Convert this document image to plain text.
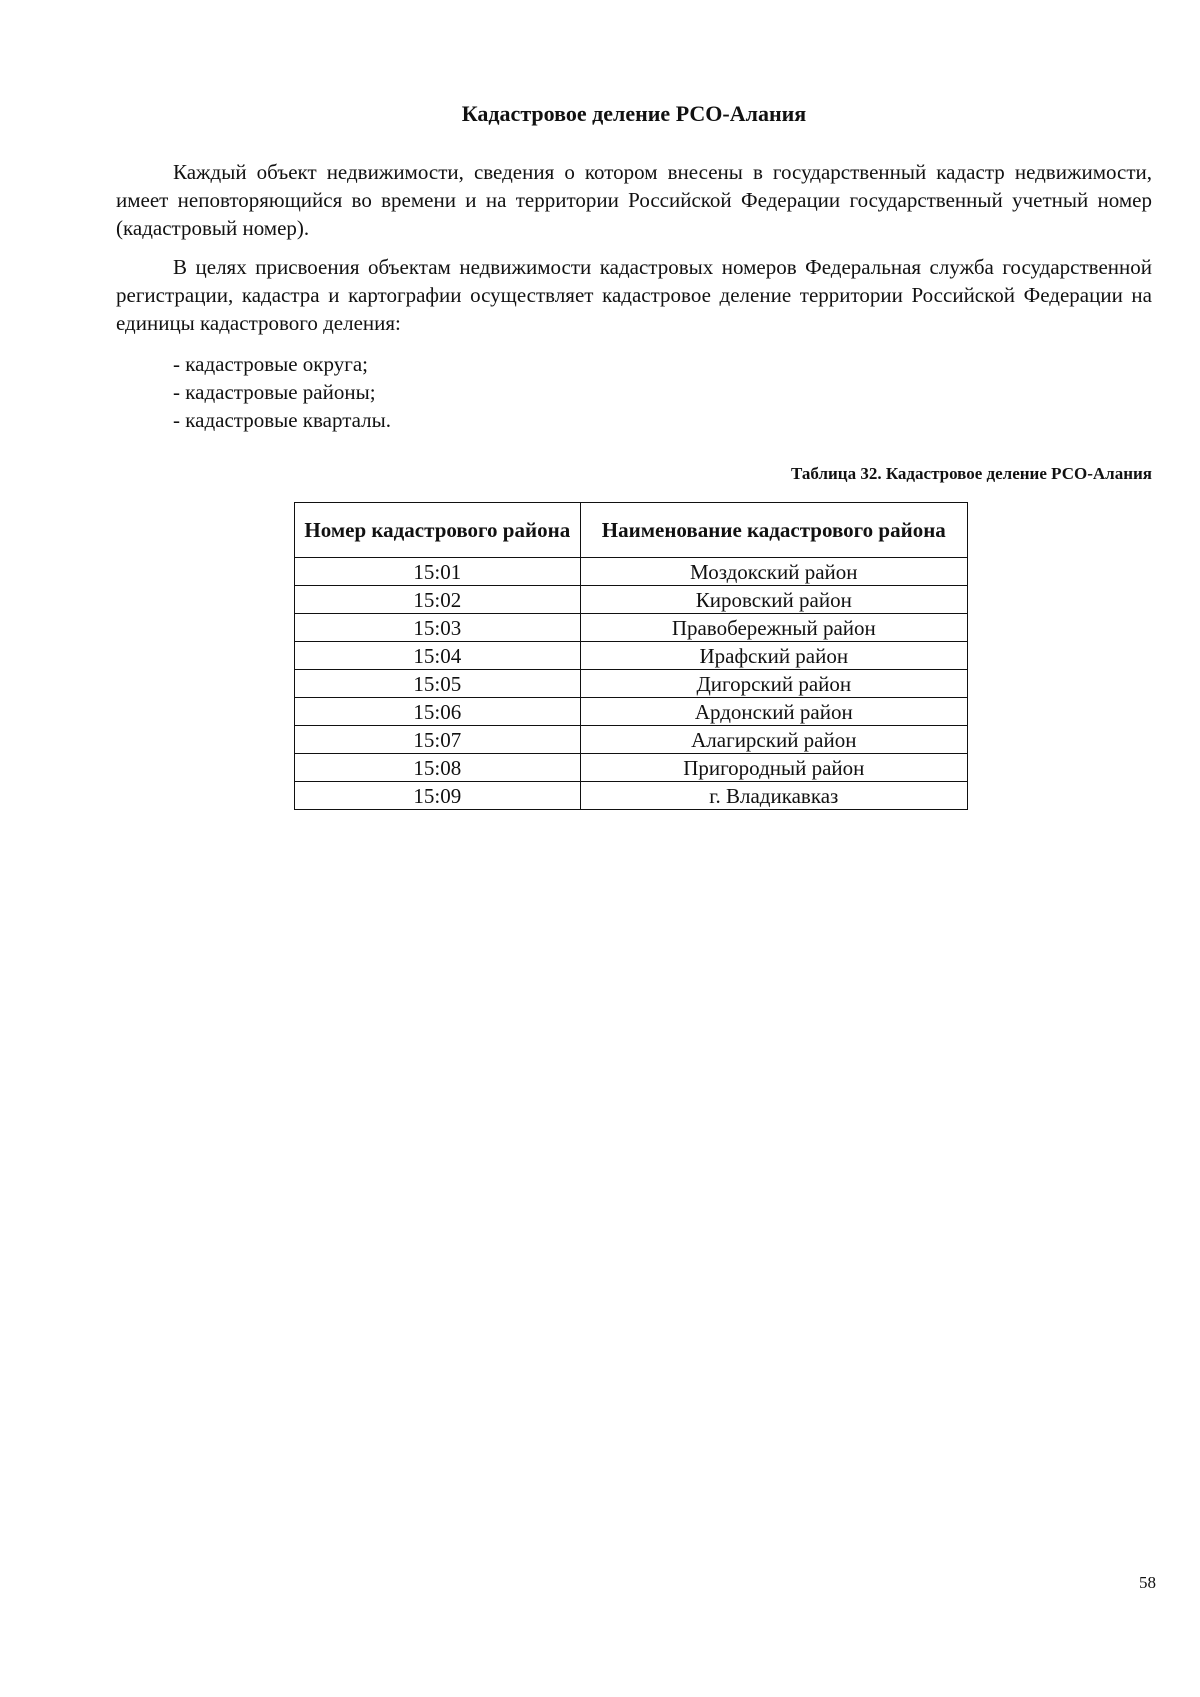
Кадастровое деление РСО-Алания

Каждый объект недвижимости, сведения о котором внесены в государственный кадастр недвижимости, имеет неповторяющийся во времени и на территории Российской Федерации государственный учетный номер (кадастровый номер).

В целях присвоения объектам недвижимости кадастровых номеров Федеральная служба государственной регистрации, кадастра и картографии осуществляет кадастровое деление территории Российской Федерации на единицы кадастрового деления:

- кадастровые округа;
- кадастровые районы;
- кадастровые кварталы.

Таблица 32. Кадастровое деление РСО-Алания

Номер кадастрового района	Наименование кадастрового района
15:01	Моздокский район
15:02	Кировский район
15:03	Правобережный район
15:04	Ирафский район
15:05	Дигорский район
15:06	Ардонский район
15:07	Алагирский район
15:08	Пригородный район
15:09	г. Владикавказ

58
